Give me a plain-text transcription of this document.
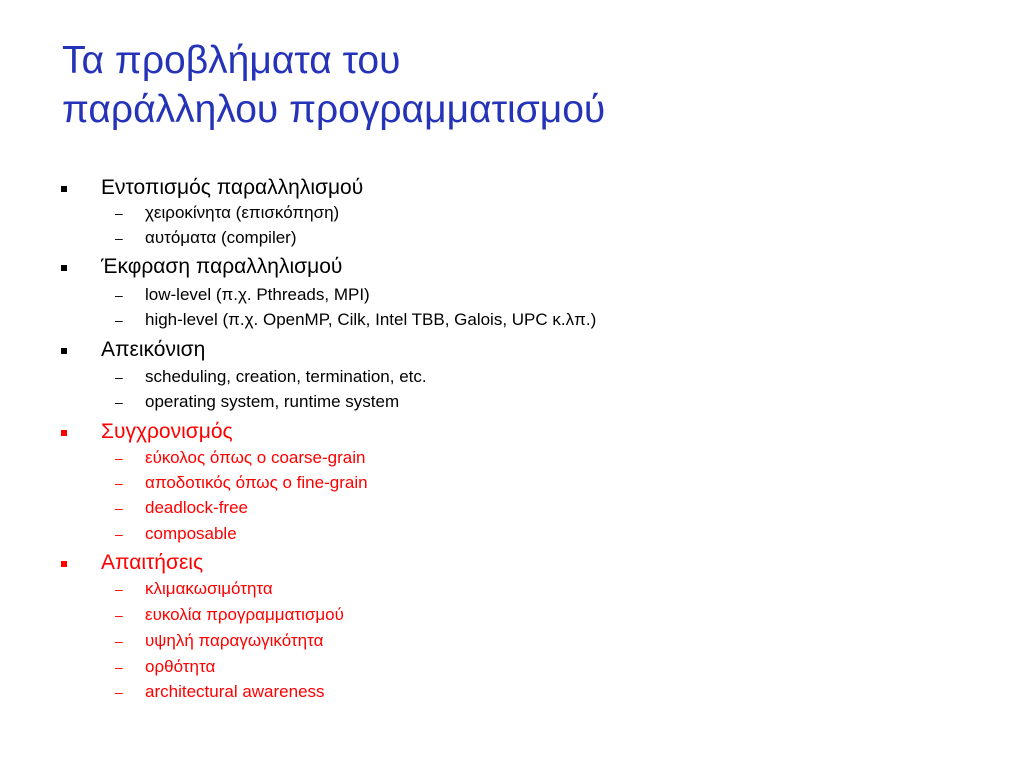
Τα προβλήματα του
παράλληλου προγραμματισμού
Εντοπισμός παραλληλισμού
– χειροκίνητα (επισκόπηση)
– αυτόματα (compiler)
Έκφραση παραλληλισμού
– low-level (π.χ. Pthreads, MPI)
– high-level (π.χ. OpenMP, Cilk, Intel TBB, Galois, UPC κ.λπ.)
Απεικόνιση
– scheduling, creation, termination, etc.
– operating system, runtime system
Συγχρονισμός
– εύκολος όπως ο coarse-grain
– αποδοτικός όπως ο fine-grain
– deadlock-free
– composable
Απαιτήσεις
– κλιμακωσιμότητα
– ευκολία προγραμματισμού
– υψηλή παραγωγικότητα
– ορθότητα
– architectural awareness
